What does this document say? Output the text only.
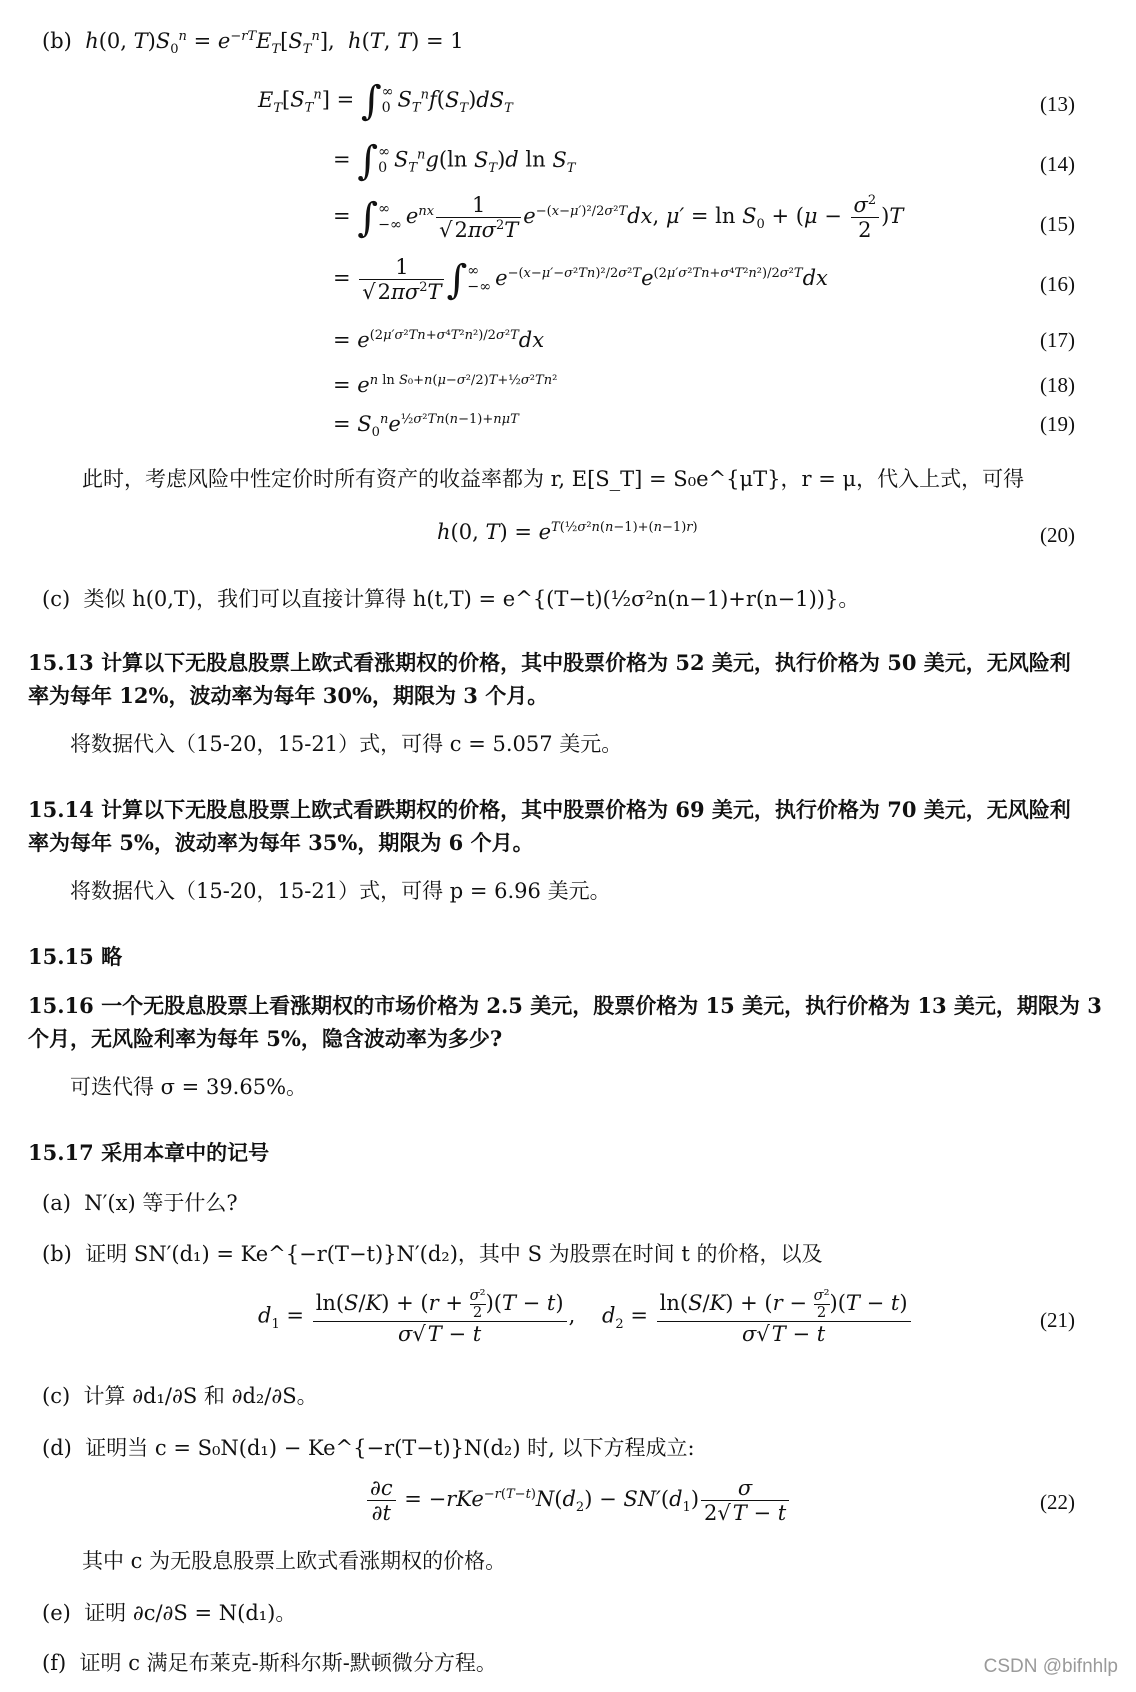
(b) h(0, $T)S_0^n = e^{-rT}E_T[S_T^n]$,  h(T, T) = 1
$E_T[S_T^n]$ = ∫ ∞
0 $S_T^nf(S_T)dS_T$	(13)
= ∫ ∞
0 $S_T^ng(\ln$ $S_T)d$ $\ln S_T$	(14)
= ∫ ∞
−∞ $e^{nx} \frac{1}{√2\pi\sigma^2T} e^{-(x-\mu')^2/2\sigma^2T}dx$, $\mu' = \ln S_0 + (\mu - \frac{\sigma^2}{2} )T$	(15)
= $\frac{1}{√2\pi\sigma^2T}$ ∫ ∞
−∞ $e^{-(x-\mu'-\sigma^2Tn)^2/2\sigma^2T}e^{(2\mu'\sigma^2Tn+\sigma^4T^2n^2)/2\sigma^2T}dx$	(16)
= $e^{(2\mu'\sigma^2Tn+\sigma^4T^2n^2)/2\sigma^2T}dx$	(17)
= $e^{n ln S_0+n(\mu-\sigma^2/2)T+\frac{1}{2}\sigma^2Tn^2}$	(18)
= $S_0^ne^{\frac{1}{2}\sigma^2Tn(n-1)+n\mu T}$	(19)
此时，考虑风险中性定价时所有资产的收益率都为 r, E[S_T] = S₀e^{μT}，r = μ，代入上式，可得
h(0, $T) = e^{T(\frac{1}{2}\sigma^2n(n-1)+(n-1)r)}$	(20)
(c) 类似 h(0,T)，我们可以直接计算得 h(t,T) = e^{(T−t)(½σ²n(n−1)+r(n−1))}。
15.13 计算以下无股息股票上欧式看涨期权的价格，其中股票价格为 52 美元，执行价格为 50 美元，无风险利
率为每年 12%，波动率为每年 30%，期限为 3 个月。
将数据代入（15-20，15-21）式，可得 c = 5.057 美元。
15.14 计算以下无股息股票上欧式看跌期权的价格，其中股票价格为 69 美元，执行价格为 70 美元，无风险利
率为每年 5%，波动率为每年 35%，期限为 6 个月。
将数据代入（15-20，15-21）式，可得 p = 6.96 美元。
15.15 略
15.16 一个无股息股票上看涨期权的市场价格为 2.5 美元，股票价格为 15 美元，执行价格为 13 美元，期限为 3
个月，无风险利率为每年 5%，隐含波动率为多少?
可迭代得 σ = 39.65%。
15.17 采用本章中的记号
(a) N′(x) 等于什么?
(b) 证明 SN′(d₁) = Ke^{−r(T−t)}N′(d₂)，其中 S 为股票在时间 t 的价格，以及
$d_1 = \frac{\ln(S/K) + (r + \frac{\text{σ²}}{2} )(T - t)}{\sigma√T - t}$ ,    $d_2 = \frac{\ln(S/K) + (r - \frac{\text{σ²}}{2} )(T - t)}{\sigma√T - t}$	(21)
(c) 计算 ∂d₁/∂S 和 ∂d₂/∂S。
(d) 证明当 c = S₀N(d₁) − Ke^{−r(T−t)}N(d₂) 时, 以下方程成立:
$\frac{\partial c}{\partial t} = -rKe^{-r(T-t)}N(d_2) - SN'(d_1) \frac{\sigma}{2√T - t}$	(22)
其中 c 为无股息股票上欧式看涨期权的价格。
(e) 证明 ∂c/∂S = N(d₁)。
(f) 证明 c 满足布莱克-斯科尔斯-默顿微分方程。	CSDN @bifnhlp
